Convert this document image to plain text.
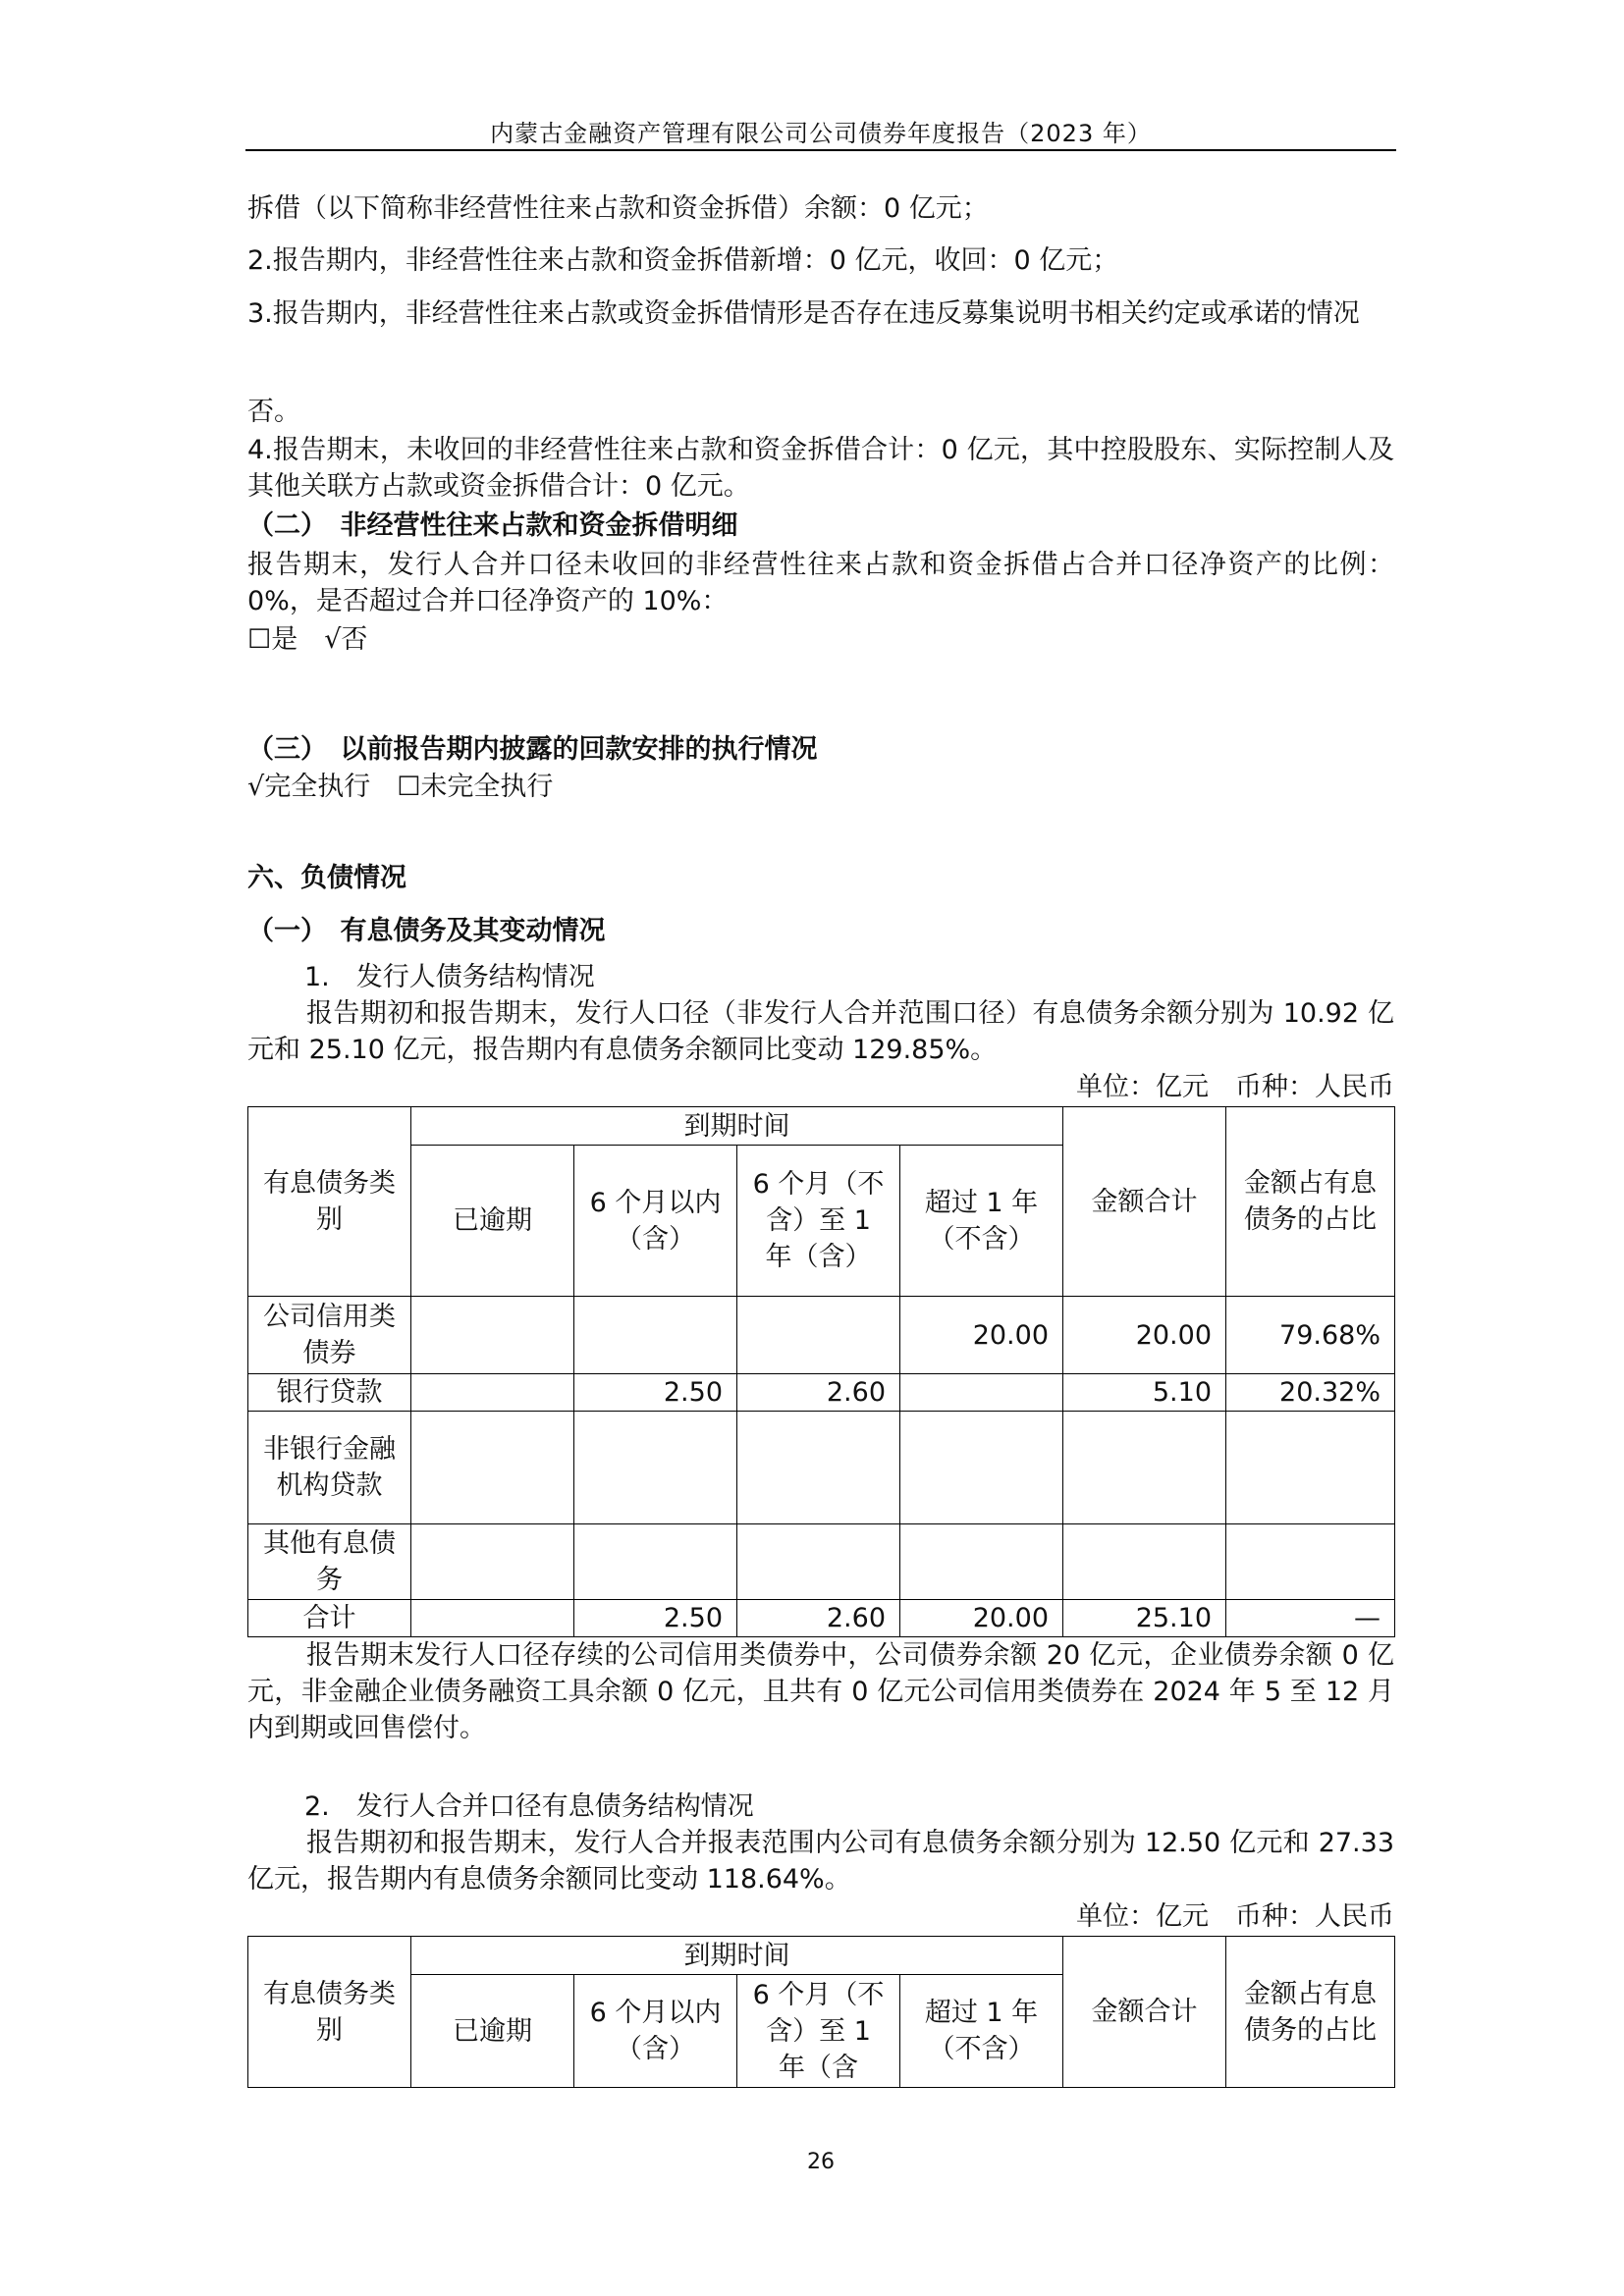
内蒙古金融资产管理有限公司公司债券年度报告（2023 年）
拆借（以下简称非经营性往来占款和资金拆借）余额：0 亿元；
2.报告期内，非经营性往来占款和资金拆借新增：0 亿元，收回：0 亿元；
3.报告期内，非经营性往来占款或资金拆借情形是否存在违反募集说明书相关约定或承诺的情况
否。
4.报告期末，未收回的非经营性往来占款和资金拆借合计：0 亿元，其中控股股东、实际控制人及其他关联方占款或资金拆借合计：0 亿元。
（二）　非经营性往来占款和资金拆借明细
报告期末，发行人合并口径未收回的非经营性往来占款和资金拆借占合并口径净资产的比例：0%，是否超过合并口径净资产的 10%：
☐是　√否
（三）　以前报告期内披露的回款安排的执行情况
√完全执行　☐未完全执行
六、负债情况
（一）　有息债务及其变动情况
1.　发行人债务结构情况
报告期初和报告期末，发行人口径（非发行人合并范围口径）有息债务余额分别为 10.92 亿元和 25.10 亿元，报告期内有息债务余额同比变动 129.85%。
单位：亿元　币种：人民币
有息债务类别	到期时间				金额合计	金额占有息债务的占比
	已逾期	6 个月以内（含）	6 个月（不含）至 1 年（含）	超过 1 年（不含）		
公司信用类债券				20.00	20.00	79.68%
银行贷款		2.50	2.60		5.10	20.32%
非银行金融机构贷款						
其他有息债务						
合计		2.50	2.60	20.00	25.10	—
报告期末发行人口径存续的公司信用类债券中，公司债券余额 20 亿元，企业债券余额 0 亿元，非金融企业债务融资工具余额 0 亿元，且共有 0 亿元公司信用类债券在 2024 年 5 至 12 月内到期或回售偿付。
2.　发行人合并口径有息债务结构情况
报告期初和报告期末，发行人合并报表范围内公司有息债务余额分别为 12.50 亿元和 27.33 亿元，报告期内有息债务余额同比变动 118.64%。
单位：亿元　币种：人民币
有息债务类别	到期时间				金额合计	金额占有息债务的占比
	已逾期	6 个月以内（含）	6 个月（不含）至 1 年（含	超过 1 年（不含）		
26
